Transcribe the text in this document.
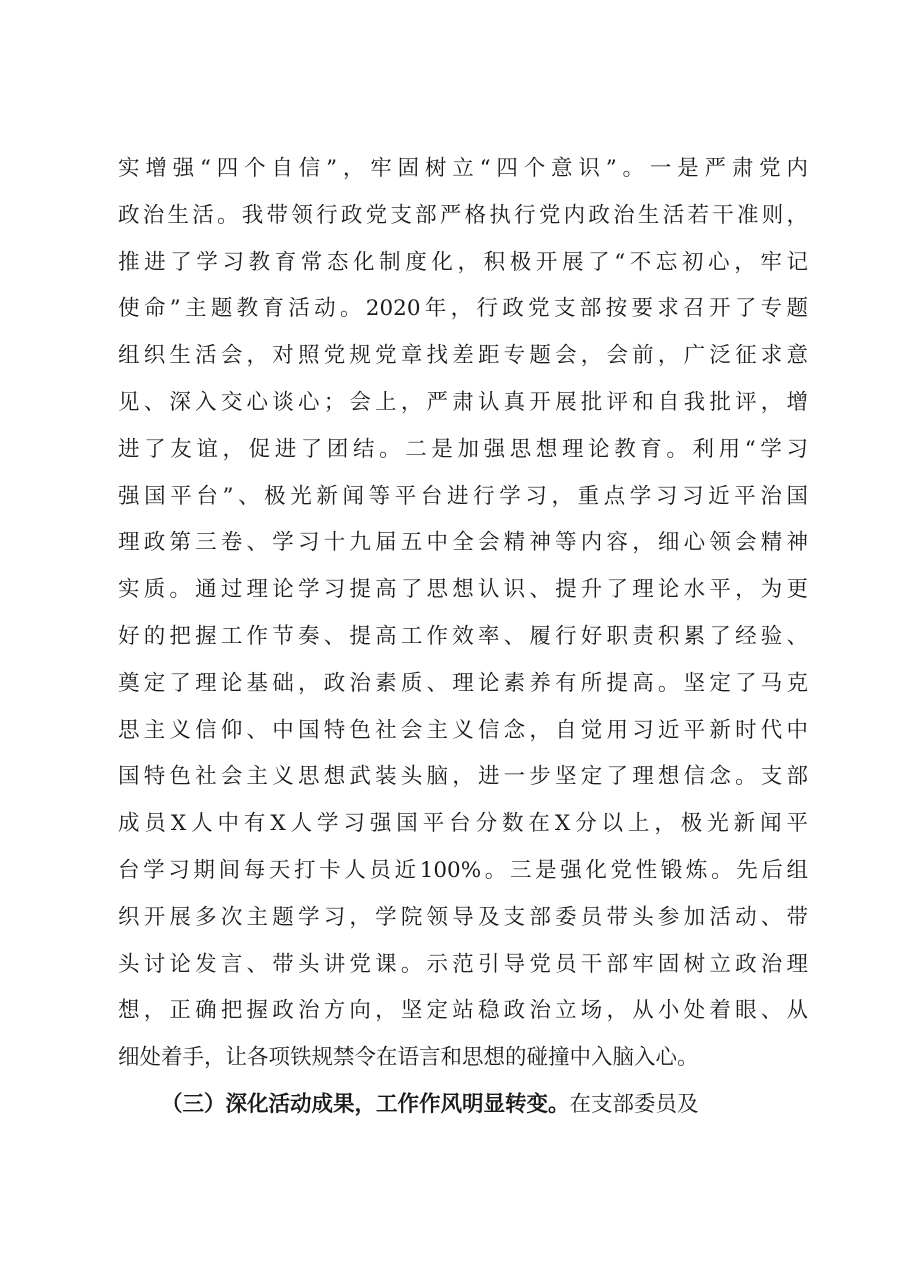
实增强“四个自信”，牢固树立“四个意识”。一是严肃党内
政治生活。我带领行政党支部严格执行党内政治生活若干准则，
推进了学习教育常态化制度化，积极开展了“不忘初心，牢记
使命”主题教育活动。2020年，行政党支部按要求召开了专题
组织生活会，对照党规党章找差距专题会，会前，广泛征求意
见、深入交心谈心；会上，严肃认真开展批评和自我批评，增
进了友谊，促进了团结。二是加强思想理论教育。利用“学习
强国平台”、极光新闻等平台进行学习，重点学习习近平治国
理政第三卷、学习十九届五中全会精神等内容，细心领会精神
实质。通过理论学习提高了思想认识、提升了理论水平，为更
好的把握工作节奏、提高工作效率、履行好职责积累了经验、
奠定了理论基础，政治素质、理论素养有所提高。坚定了马克
思主义信仰、中国特色社会主义信念，自觉用习近平新时代中
国特色社会主义思想武装头脑，进一步坚定了理想信念。支部
成员X人中有X人学习强国平台分数在X分以上，极光新闻平
台学习期间每天打卡人员近100%。三是强化党性锻炼。先后组
织开展多次主题学习，学院领导及支部委员带头参加活动、带
头讨论发言、带头讲党课。示范引导党员干部牢固树立政治理
想，正确把握政治方向，坚定站稳政治立场，从小处着眼、从
细处着手，让各项铁规禁令在语言和思想的碰撞中入脑入心。
（三）深化活动成果，工作作风明显转变。在支部委员及
